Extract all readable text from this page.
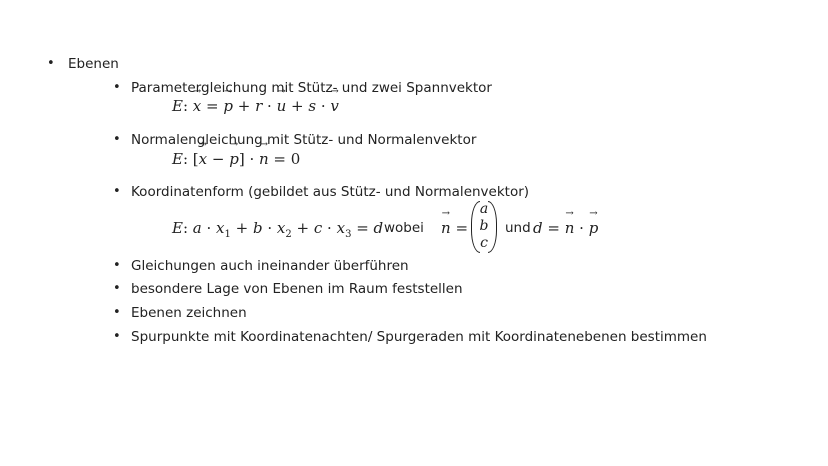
• Ebenen
• Parametergleichung mit Stütz- und zwei Spannvektor
E: → x = → p + r · → u + s · → v
• Normalengleichung mit Stütz- und Normalenvektor
E: [→ x − → p] · → n = 0
• Koordinatenform (gebildet aus Stütz- und Normalenvektor)
E: $a \cdot x_1 + b \cdot x_2 + c \cdot x_3 = d$ wobei
→ n =
a
b
c
und d = → n · → p
• Gleichungen auch ineinander überführen
• besondere Lage von Ebenen im Raum feststellen
• Ebenen zeichnen
• Spurpunkte mit Koordinatenachten/ Spurgeraden mit Koordinatenebenen bestimmen
